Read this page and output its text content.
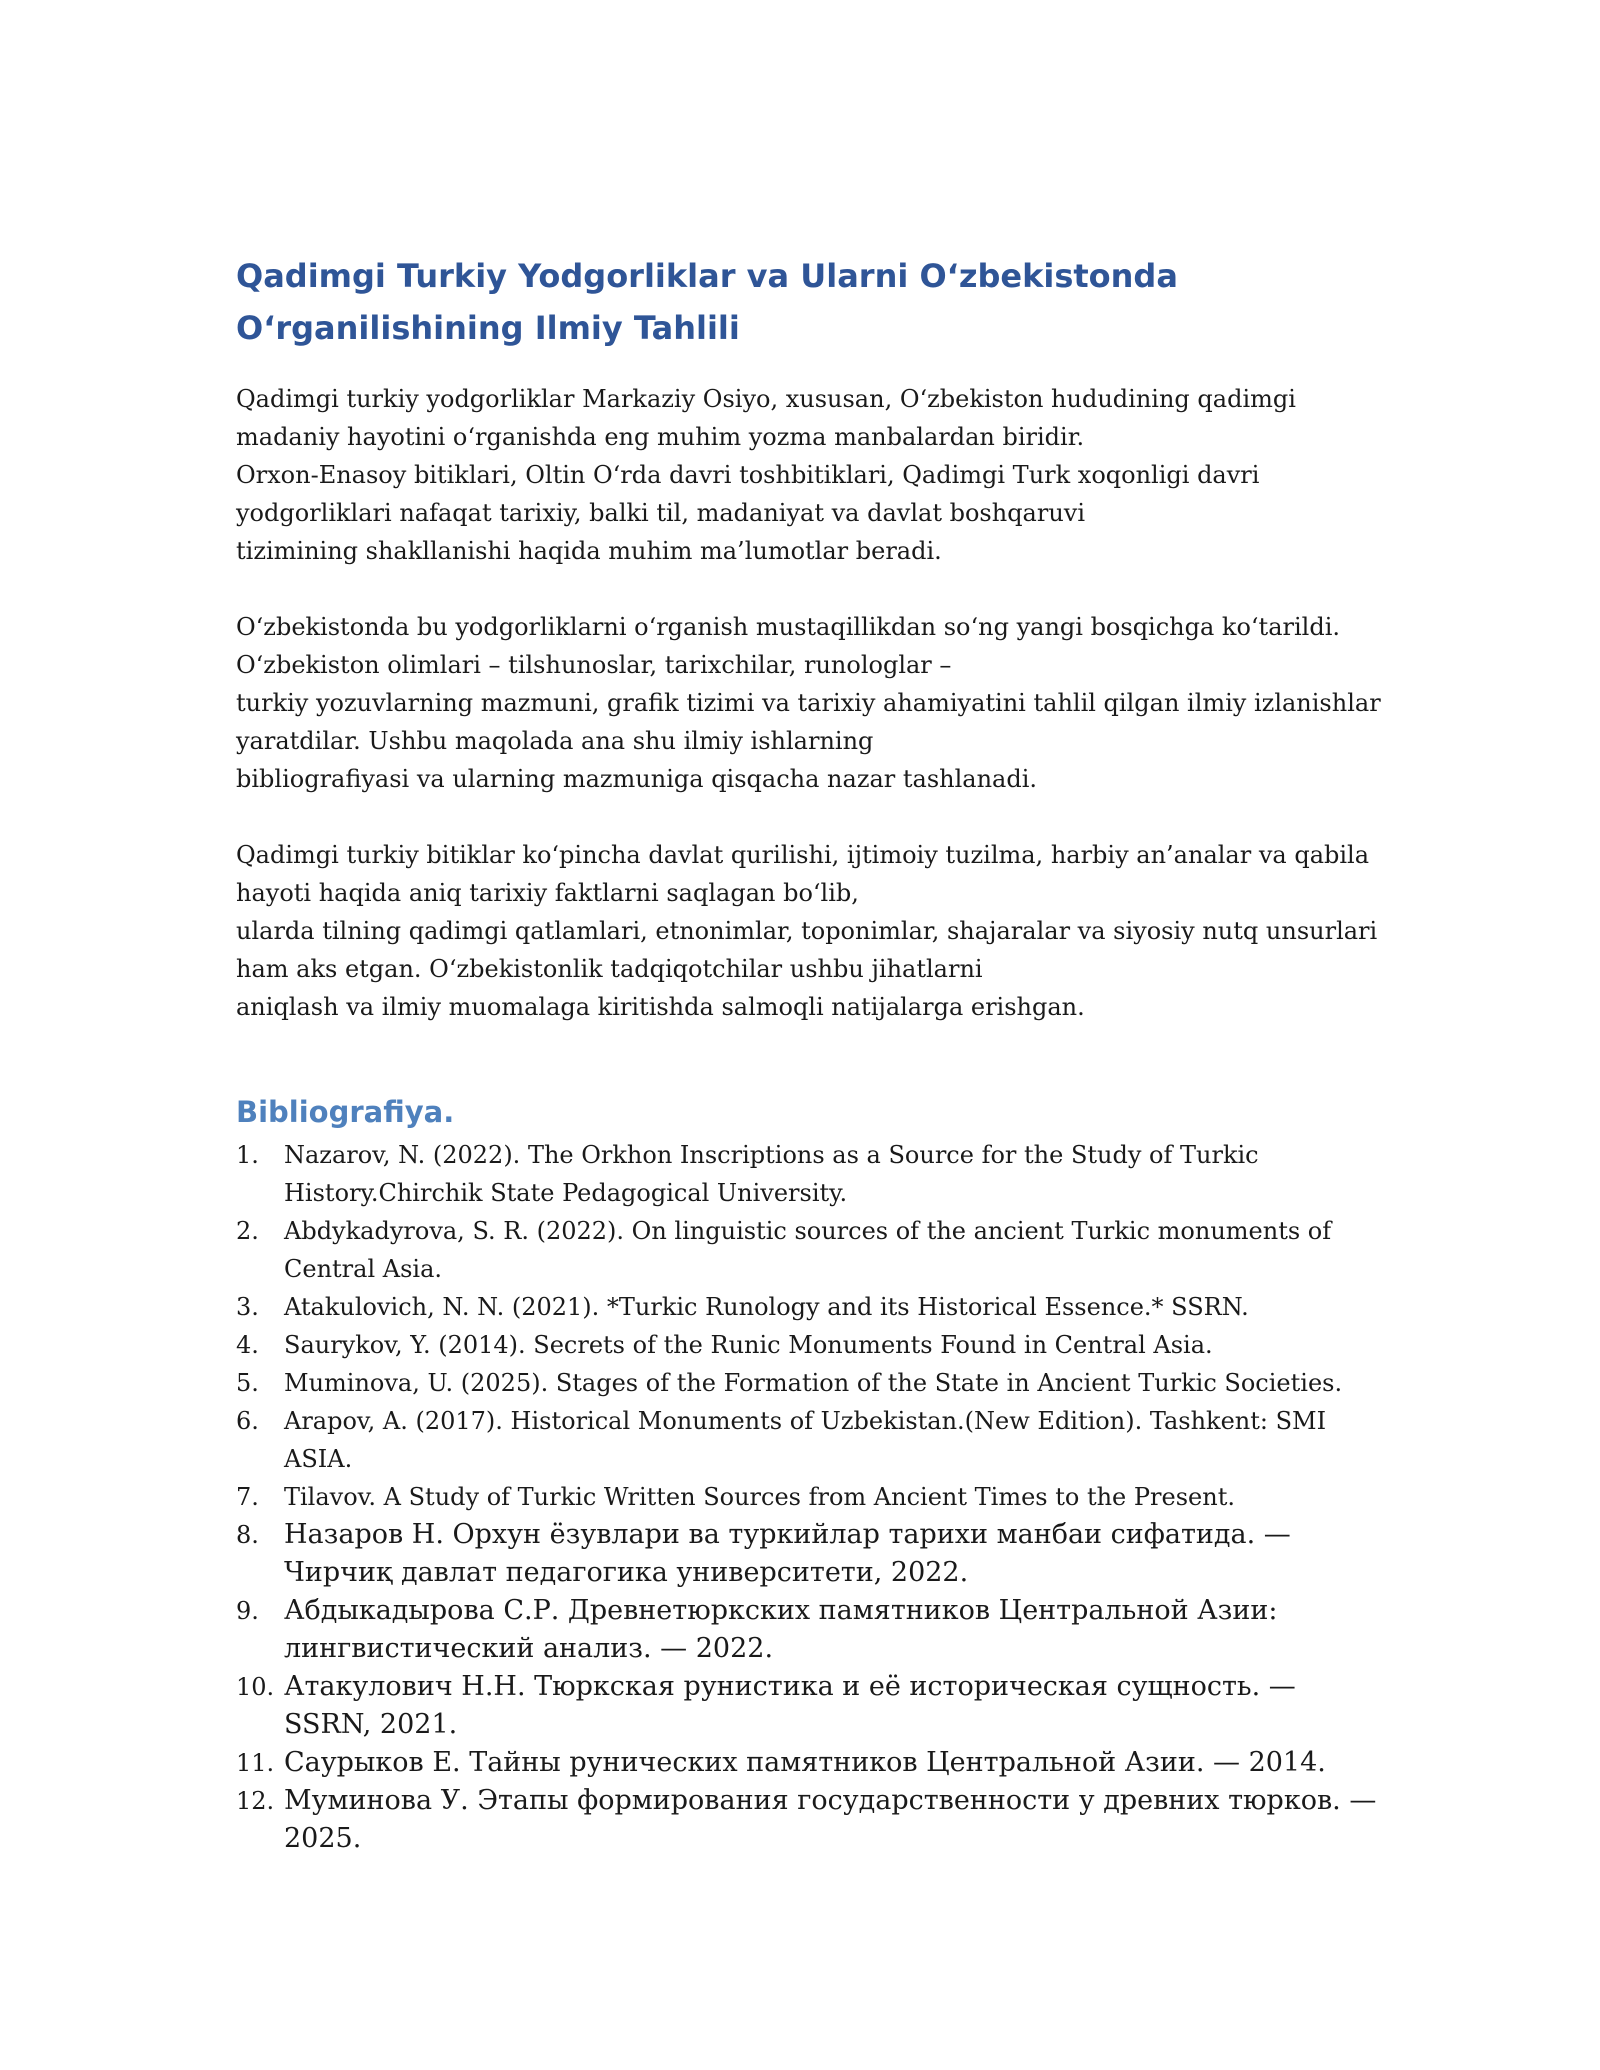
Qadimgi Turkiy Yodgorliklar va Ularni O‘zbekistonda O‘rganilishining Ilmiy Tahlili

Qadimgi turkiy yodgorliklar Markaziy Osiyo, xususan, O‘zbekiston hududining qadimgi
madaniy hayotini o‘rganishda eng muhim yozma manbalardan biridir.
Orxon-Enasoy bitiklari, Oltin O‘rda davri toshbitiklari, Qadimgi Turk xoqonligi davri
yodgorliklari nafaqat tarixiy, balki til, madaniyat va davlat boshqaruvi
tizimining shakllanishi haqida muhim ma’lumotlar beradi.

O‘zbekistonda bu yodgorliklarni o‘rganish mustaqillikdan so‘ng yangi bosqichga ko‘tarildi.
O‘zbekiston olimlari – tilshunoslar, tarixchilar, runologlar –
turkiy yozuvlarning mazmuni, grafik tizimi va tarixiy ahamiyatini tahlil qilgan ilmiy izlanishlar
yaratdilar. Ushbu maqolada ana shu ilmiy ishlarning
bibliografiyasi va ularning mazmuniga qisqacha nazar tashlanadi.

Qadimgi turkiy bitiklar ko‘pincha davlat qurilishi, ijtimoiy tuzilma, harbiy an’analar va qabila
hayoti haqida aniq tarixiy faktlarni saqlagan bo‘lib,
ularda tilning qadimgi qatlamlari, etnonimlar, toponimlar, shajaralar va siyosiy nutq unsurlari
ham aks etgan. O‘zbekistonlik tadqiqotchilar ushbu jihatlarni
aniqlash va ilmiy muomalaga kiritishda salmoqli natijalarga erishgan.

Bibliografiya.
1.	Nazarov, N. (2022). The Orkhon Inscriptions as a Source for the Study of Turkic History.Chirchik State Pedagogical University.
2.	Abdykadyrova, S. R. (2022). On linguistic sources of the ancient Turkic monuments of Central Asia.
3.	Atakulovich, N. N. (2021). *Turkic Runology and its Historical Essence.* SSRN.
4.	Saurykov, Y. (2014). Secrets of the Runic Monuments Found in Central Asia.
5.	Muminova, U. (2025). Stages of the Formation of the State in Ancient Turkic Societies.
6.	Arapov, A. (2017). Historical Monuments of Uzbekistan.(New Edition). Tashkent: SMI ASIA.
7.	Tilavov. A Study of Turkic Written Sources from Ancient Times to the Present.
8. Назаров Н. Орхун ёзувлари ва туркийлар тарихи манбаи сифатида. — Чирчиқ давлат педагогика университети, 2022.
9. Абдыкадырова С.Р. Древнетюркских памятников Центральной Азии: лингвистический анализ. — 2022.
10. Атакулович Н.Н. Тюркская рунистика и её историческая сущность. — SSRN, 2021.
11. Саурыков Е. Тайны рунических памятников Центральной Азии. — 2014.
12. Муминова У. Этапы формирования государственности у древних тюрков. — 2025.
